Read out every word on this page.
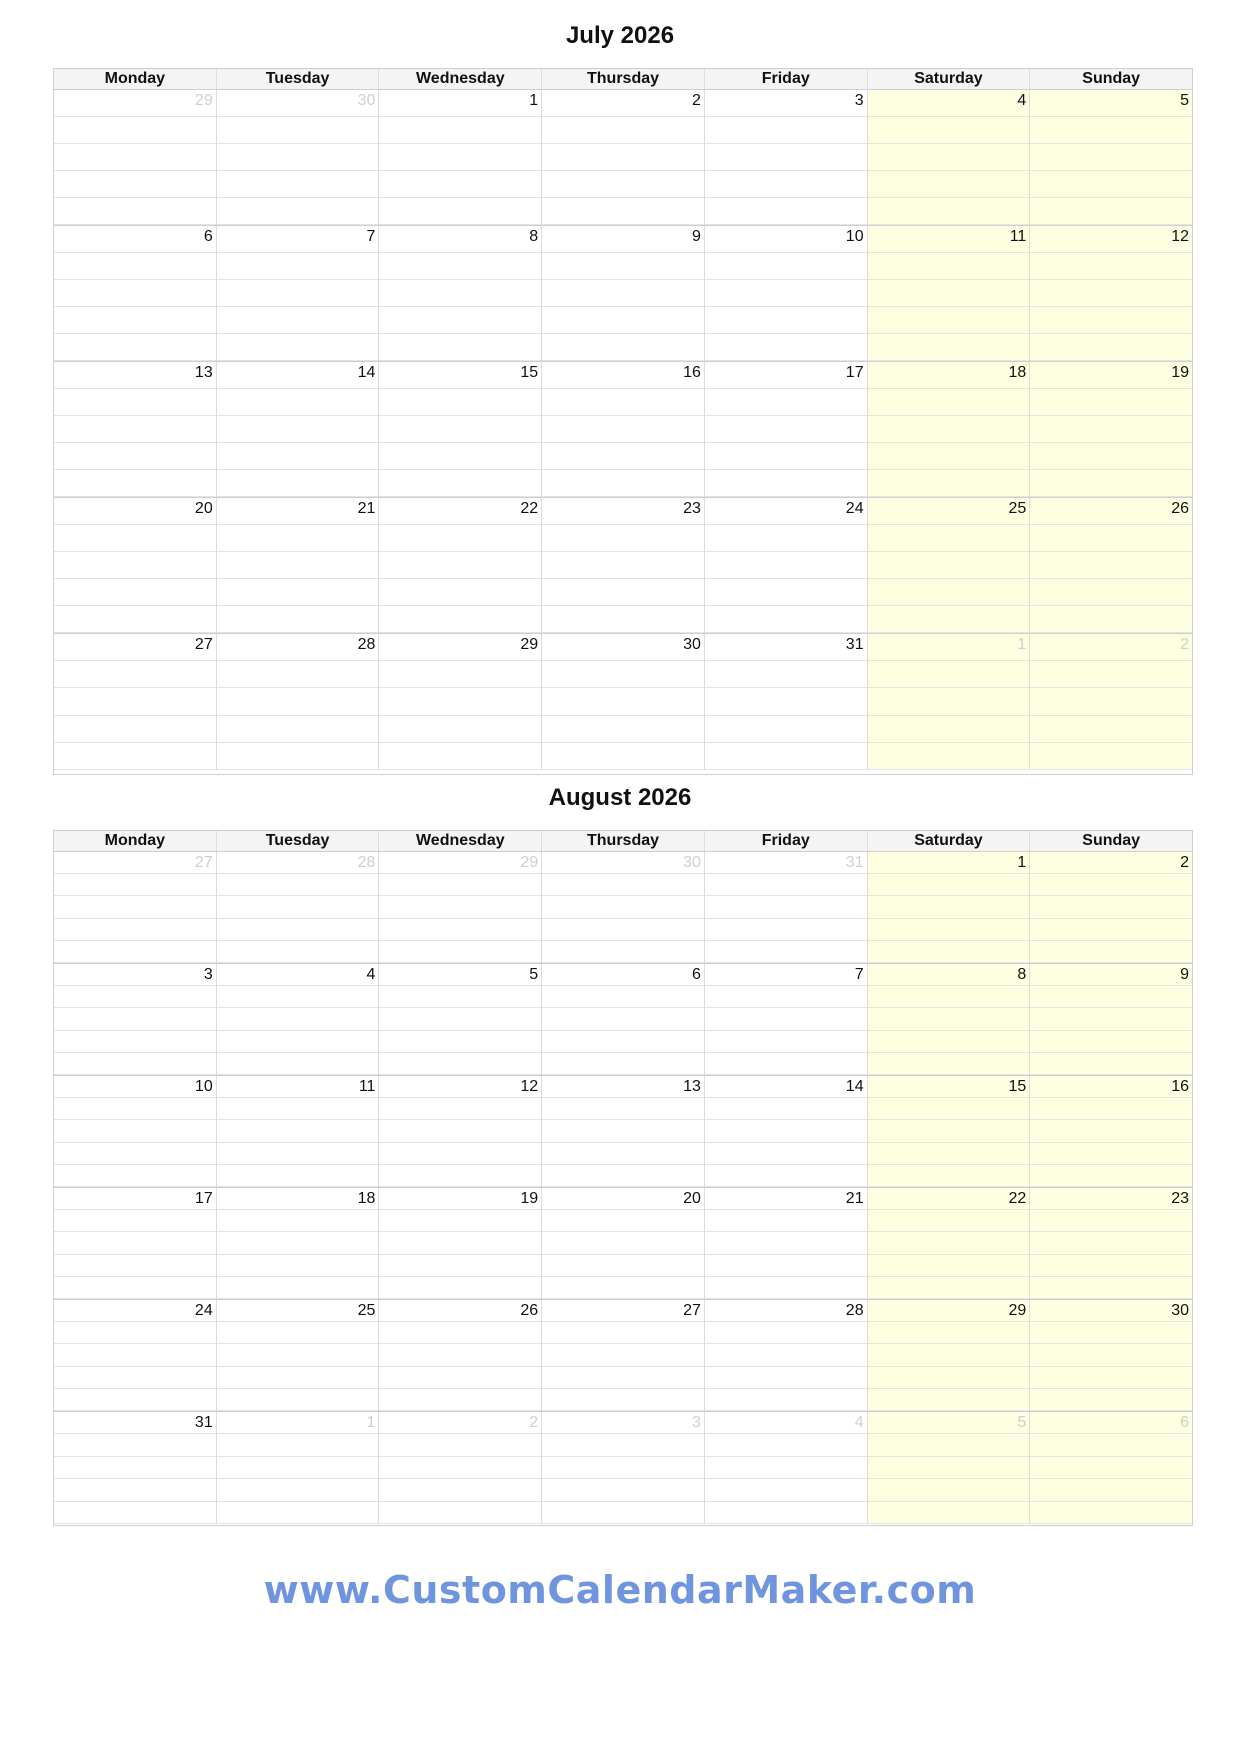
July 2026
Monday	Tuesday	Wednesday	Thursday	Friday	Saturday	Sunday
29	30	1	2	3	4	5
6	7	8	9	10	11	12
13	14	15	16	17	18	19
20	21	22	23	24	25	26
27	28	29	30	31	1	2
August 2026
Monday	Tuesday	Wednesday	Thursday	Friday	Saturday	Sunday
27	28	29	30	31	1	2
3	4	5	6	7	8	9
10	11	12	13	14	15	16
17	18	19	20	21	22	23
24	25	26	27	28	29	30
31	1	2	3	4	5	6
www.CustomCalendarMaker.com
